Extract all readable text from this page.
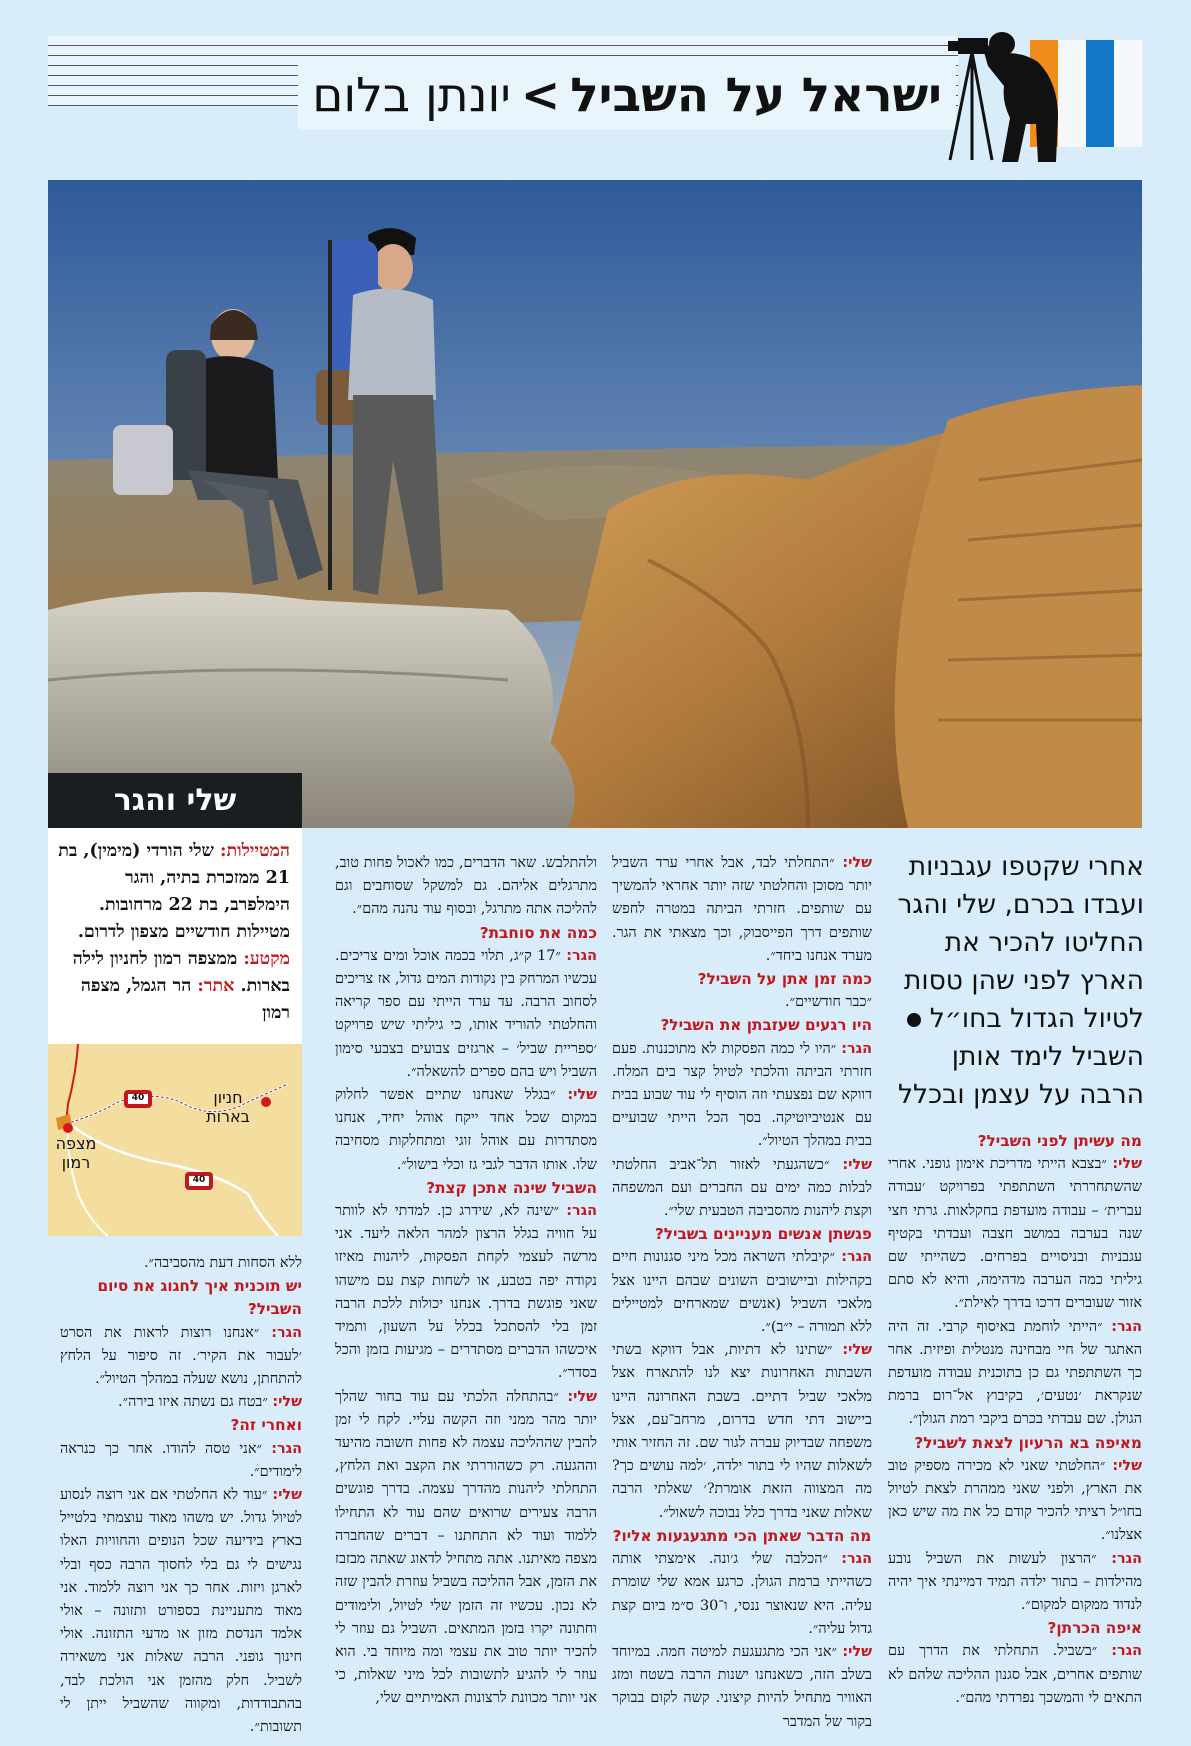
ישראל על השביל>יונתן בלום
שלי והגר
המטיילות: שלי הורדי (מימין), בת 21 ממזכרת בתיה, והגר הימלפרב, בת 22 מרחובות. מטיילות חודשיים מצפון לדרום. מקטע: ממצפה רמון לחניון לילה בארות. אתר: הר הגמל, מצפה רמון
40
40
חניון בארות
מצפה רמון
אחרי שקטפו עגבניות ועבדו בכרם, שלי והגר החליטו להכיר את הארץ לפני שהן טסות לטיול הגדול בחו״ל השביל לימד אותן הרבה על עצמן ובכלל

מה עשיתן לפני השביל?

שלי: ״בצבא הייתי מדריכת אימון גופני. אחרי שהשתחררתי השתתפתי בפרויקט ׳עבודה עברית׳ – עבודה מועדפת בחקלאות. גרתי חצי שנה בערבה במושב חצבה ועבדתי בקטיף עגבניות ובניסויים בפרחים. כשהייתי שם גיליתי כמה הערבה מדהימה, והיא לא סתם אזור שעוברים דרכו בדרך לאילת״.

הגר: ״הייתי לוחמת באיסוף קרבי. זה היה האתגר של חיי מבחינה מנטלית ופיזית. אחר כך השתתפתי גם כן בתוכנית עבודה מועדפת שנקראת ׳נטעים׳, בקיבוץ אל־רום ברמת הגולן. שם עבדתי בכרם ביקבי רמת הגולן״.

מאיפה בא הרעיון לצאת לשביל?

שלי: ״החלטתי שאני לא מכירה מספיק טוב את הארץ, ולפני שאני ממהרת לצאת לטיול בחו״ל רציתי להכיר קודם כל את מה שיש כאן אצלנו״.

הגר: ״הרצון לעשות את השביל נובע מהילדות – בתור ילדה תמיד דמיינתי איך יהיה לנדוד ממקום למקום״.

איפה הכרתן?

הגר: ״בשביל. התחלתי את הדרך עם שותפים אחרים, אבל סגנון ההליכה שלהם לא התאים לי והמשכך נפרדתי מהם״.

שלי: ״התחלתי לבד, אבל אחרי ערד השביל יותר מסוכן והחלטתי שזה יותר אחראי להמשיך עם שותפים. חזרתי הביתה במטרה לחפש שותפים דרך הפייסבוק, וכך מצאתי את הגר. מערד אנחנו ביחד״.

כמה זמן אתן על השביל?

״כבר חודשיים״.

היו רגעים שעזבתן את השביל?

הגר: ״היו לי כמה הפסקות לא מתוכננות. פעם חזרתי הביתה והלכתי לטיול קצר בים המלח. דווקא שם נפצעתי וזה הוסיף לי עוד שבוע בבית עם אנטיביוטיקה. בסך הכל הייתי שבועיים בבית במהלך הטיול״.

שלי: ״כשהגעתי לאזור תל־אביב החלטתי לבלות כמה ימים עם החברים ועם המשפחה וקצת ליהנות מהסביבה הטבעית שלי״.

פגשתן אנשים מעניינים בשביל?

הגר: ״קיבלתי השראה מכל מיני סגנונות חיים בקהילות וביישובים השונים שבהם היינו אצל מלאכי השביל (אנשים שמארחים למטיילים ללא תמורה – י״ב)״.

שלי: ״שתינו לא דתיות, אבל דווקא בשתי השבתות האחרונות יצא לנו להתארח אצל מלאכי שביל דתיים. בשבת האחרונה היינו ביישוב דתי חדש בדרום, מרחב־עם, אצל משפחה שבדיוק עברה לגור שם. זה החזיר אותי לשאלות שהיו לי בתור ילדה, ׳למה עושים כך? מה המצווה הזאת אומרת?׳ שאלתי הרבה שאלות שאני בדרך כלל נבוכה לשאול״.

מה הדבר שאתן הכי מתגעגעות אליו?

הגר: ״הכלבה שלי ג׳ונה. אימצתי אותה כשהייתי ברמת הגולן. כרגע אמא שלי שומרת עליה. היא שנאוצר ננסי, ו־30 ס״מ ביום קצת גדול עליה״.

שלי: ״אני הכי מתגעגעת למיטה חמה. במיוחד בשלב הזה, כשאנחנו ישנות הרבה בשטח ומזג האוויר מתחיל להיות קיצוני. קשה לקום בבוקר בקור של המדבר

ולהתלבש. שאר הדברים, כמו לאכול פחות טוב, מתרגלים אליהם. גם למשקל שסוחבים וגם להליכה אתה מתרגל, ובסוף עוד נהנה מהם״.

כמה את סוחבת?

הגר: ״17 ק״ג, תלוי בכמה אוכל ומים צריכים. עכשיו המרחק בין נקודות המים גדול, אז צריכים לסחוב הרבה. עד ערד הייתי עם ספר קריאה והחלטתי להוריד אותו, כי גיליתי שיש פרויקט ׳ספריית שביל׳ – ארגזים צבועים בצבעי סימון השביל ויש בהם ספרים להשאלה״.

שלי: ״בגלל שאנחנו שתיים אפשר לחלוק במקום שכל אחד ייקח אוהל יחיד, אנחנו מסתדרות עם אוהל זוגי ומתחלקות מסחיבה שלו. אותו הדבר לגבי גז וכלי בישול״.

השביל שינה אתכן קצת?

הגר: ״שינה לא, שידרג כן. למדתי לא לוותר על חוויה בגלל הרצון למהר הלאה ליעד. אני מרשה לעצמי לקחת הפסקות, ליהנות מאיזו נקודה יפה בטבע, או לשחות קצת עם מישהו שאני פוגשת בדרך. אנחנו יכולות ללכת הרבה זמן בלי להסתכל בכלל על השעון, ותמיד איכשהו הדברים מסתדרים – מגיעות בזמן והכל בסדר״.

שלי: ״בהתחלה הלכתי עם עוד בחור שהלך יותר מהר ממני וזה הקשה עליי. לקח לי זמן להבין שההליכה עצמה לא פחות חשובה מהיעד וההגעה. רק כשהוררתי את הקצב ואת הלחץ, התחלתי ליהנות מהדרך עצמה. בדרך פוגשים הרבה צעירים שרואים שהם עוד לא התחילו ללמוד ועוד לא התחתנו – דברים שהחברה מצפה מאיתנו. אתה מתחיל לדאוג שאתה מבזבז את הזמן, אבל ההליכה בשביל עוזרת להבין שזה לא נכון. עכשיו זה הזמן שלי לטיול, ולימודים וחתונה יקרו בזמן המתאים. השביל גם עוזר לי להכיר יותר טוב את עצמי ומה מיוחד בי. הוא עוזר לי להגיע לתשובות לכל מיני שאלות, כי אני יותר מכוונת לרצונות האמיתיים שלי,

ללא הסחות דעת מהסביבה״.

יש תוכנית איך לחגוג את סיום השביל?

הגר: ״אנחנו רוצות לראות את הסרט ׳לעבור את הקיר׳. זה סיפור על הלחץ להתחתן, נושא שעלה במהלך הטיול״.

שלי: ״בטח גם נשתה איזו בירה״.

ואחרי זה?

הגר: ״אני טסה להודו. אחר כך כנראה לימודים״.

שלי: ״עוד לא החלטתי אם אני רוצה לנסוע לטיול גדול. יש משהו מאוד עוצמתי בלטייל בארץ בידיעה שכל הנופים והחוויות האלו נגישים לי גם בלי לחסוך הרבה כסף ובלי לארגן ויזות. אחר כך אני רוצה ללמוד. אני מאוד מתעניינת בספורט ותזונה – אולי אלמד הנדסת מזון או מדעי התזונה. אולי חינוך גופני. הרבה שאלות אני משאירה לשביל. חלק מהזמן אני הולכת לבד, בהתבודדות, ומקווה שהשביל ייתן לי תשובות״.
